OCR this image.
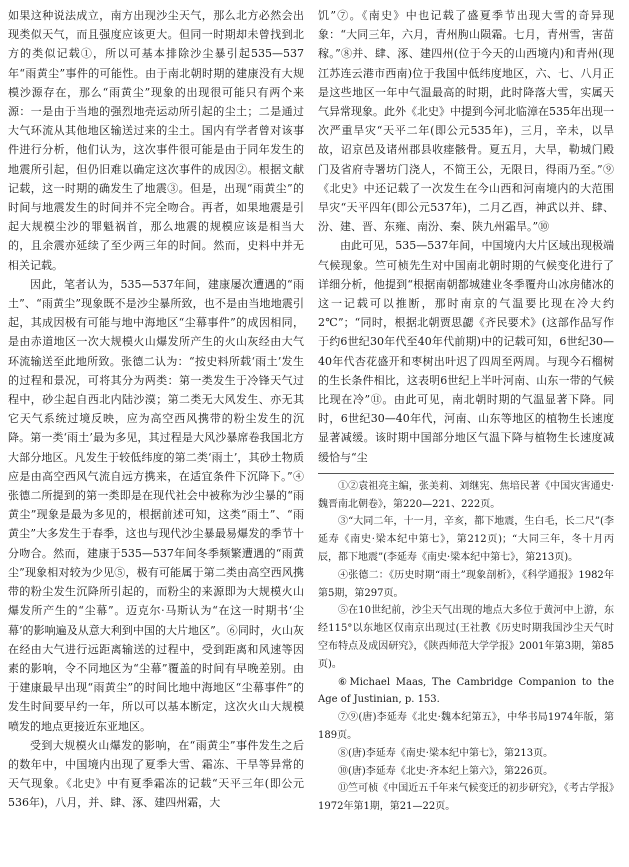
如果这种说法成立，南方出现沙尘天气，那么北方必然会出现类似天气，而且强度应该更大。但同一时期却未曾找到北方的类似记载①，所以可基本排除沙尘暴引起535—537年“雨黄尘”事件的可能性。由于南北朝时期的建康没有大规模沙源存在，那么“雨黄尘”现象的出现很可能只有两个来源：一是由于当地的强烈地壳运动所引起的尘土；二是通过大气环流从其他地区输送过来的尘土。国内有学者曾对该事件进行分析，他们认为，这次事件很可能是由于同年发生的地震所引起，但仍旧难以确定这次事件的成因②。根据文献记载，这一时期的确发生了地震③。但是，出现“雨黄尘”的时间与地震发生的时间并不完全吻合。再者，如果地震是引起大规模尘沙的罪魁祸首，那么地震的规模应该是相当大的，且余震亦延续了至少两三年的时间。然而，史料中并无相关记载。

因此，笔者认为，535—537年间，建康屡次遭遇的“雨土”、“雨黄尘”现象既不是沙尘暴所致，也不是由当地地震引起，其成因极有可能与地中海地区“尘幕事件”的成因相同，是由赤道地区一次大规模火山爆发所产生的火山灰经由大气环流输送至此地所致。张德二认为：“按史料所载‘雨土’发生的过程和景况，可将其分为两类：第一类发生于冷锋天气过程中，砂尘起自西北内陆沙漠；第二类无大风发生、亦无其它天气系统过境反映，应为高空西风携带的粉尘发生的沉降。第一类‘雨土’最为多见，其过程是大风沙暴席卷我国北方大部分地区。凡发生于较低纬度的第二类‘雨土’，其砂土物质应是由高空西风气流自远方携来，在适宜条件下沉降下。”④张德二所提到的第一类即是在现代社会中被称为沙尘暴的“雨黄尘”现象是最为多见的，根据前述可知，这类“雨土”、“雨黄尘”大多发生于春季，这也与现代沙尘暴最易爆发的季节十分吻合。然而，建康于535—537年间冬季频繁遭遇的“雨黄尘”现象相对较为少见⑤，极有可能属于第二类由高空西风携带的粉尘发生沉降所引起的，而粉尘的来源即为大规模火山爆发所产生的“尘幕”。迈克尔·马斯认为“在这一时期书‘尘幕’的影响遍及从意大利到中国的大片地区”。⑥同时，火山灰在经由大气进行远距离输送的过程中，受到距离和风速等因素的影响，令不同地区为“尘幕”覆盖的时间有早晚差别。由于建康最早出现“雨黄尘”的时间比地中海地区“尘幕事件”的发生时间要早约一年，所以可以基本断定，这次火山大规模喷发的地点更接近东亚地区。

受到大规模火山爆发的影响，在“雨黄尘”事件发生之后的数年中，中国境内出现了夏季大雪、霜冻、干旱等异常的天气现象。《北史》中有夏季霜冻的记载“天平三年(即公元536年)，八月，并、肆、涿、建四州霜，大

饥”⑦。《南史》中也记载了盛夏季节出现大雪的奇异现象：“大同三年，六月，青州朐山陨霜。七月，青州雪，害苗稼。”⑧并、肆、涿、建四州(位于今天的山西境内)和青州(现江苏连云港市西南)位于我国中低纬度地区，六、七、八月正是这些地区一年中气温最高的时期，此时降落大雪，实属天气异常现象。此外《北史》中提到今河北临漳在535年出现一次严重旱灾“天平二年(即公元535年)，三月，辛未，以旱故，诏京邑及诸州郡县收瘗骸骨。夏五月，大旱，勒城门殿门及省府寺署坊门浇人，不简王公，无限日，得雨乃至。”⑨《北史》中还记载了一次发生在今山西和河南境内的大范围旱灾“天平四年(即公元537年)，二月乙酉，神武以并、肆、汾、建、晋、东雍、南汾、秦、陕九州霜旱。”⑩

由此可见，535—537年间，中国境内大片区域出现极端气候现象。竺可桢先生对中国南北朝时期的气候变化进行了详细分析，他提到“根据南朝都城建业冬季覆舟山冰房储冰的这一记载可以推断，那时南京的气温要比现在冷大约2℃”；“同时，根据北朝贾思勰《齐民要术》(这部作品写作于约6世纪30年代至40年代前期)中的记载可知，6世纪30—40年代杏花盛开和枣树出叶迟了四周至两周。与现今石榴树的生长条件相比，这表明6世纪上半叶河南、山东一带的气候比现在冷”⑪。由此可见，南北朝时期的气温显著下降。同时，6世纪30—40年代，河南、山东等地区的植物生长速度显著减缓。该时期中国部分地区气温下降与植物生长速度减缓恰与“尘

①②袁祖亮主编，张美莉、刘继宪、焦培民著《中国灾害通史·魏晋南北朝卷》，第220—221、222页。

③“大同二年，十一月，辛亥，都下地震，生白毛，长二尺”(李延寿《南史·梁本纪中第七》，第212页)；“大同三年，冬十月丙辰，都下地震”(李延寿《南史·梁本纪中第七》，第213页)。

④张德二：《历史时期“雨土”现象剖析》，《科学通报》1982年第5期，第297页。

⑤在10世纪前，沙尘天气出现的地点大多位于黄河中上游，东经115°以东地区仅南京出现过(王社教《历史时期我国沙尘天气时空布特点及成因研究》，《陕西师范大学学报》2001年第3期，第85页)。

⑥Michael Maas, The Cambridge Companion to the Age of Justinian, p. 153.

⑦⑨(唐)李延寿《北史·魏本纪第五》，中华书局1974年版，第189页。

⑧(唐)李延寿《南史·梁本纪中第七》，第213页。

⑩(唐)李延寿《北史·齐本纪上第六》，第226页。

⑪竺可桢《中国近五千年来气候变迁的初步研究》，《考古学报》1972年第1期，第21—22页。
